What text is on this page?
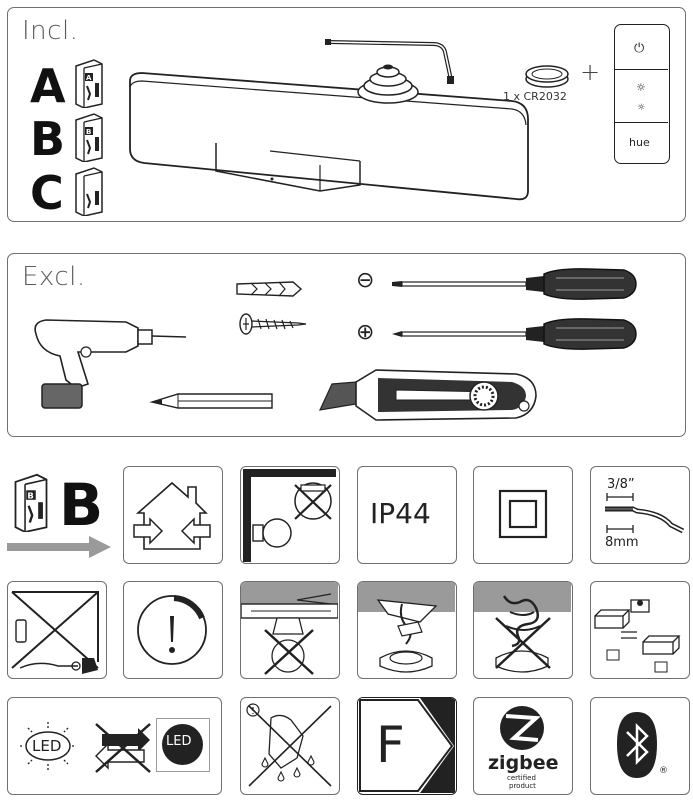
Incl.
A
B
C
A
B
1 x CR2032
+
⏻
☼
☼
hue
Excl.	⊖
⊕
B B	IP44
3/8”
8mm
LED	LED	F	zigbee
certified
product
®
